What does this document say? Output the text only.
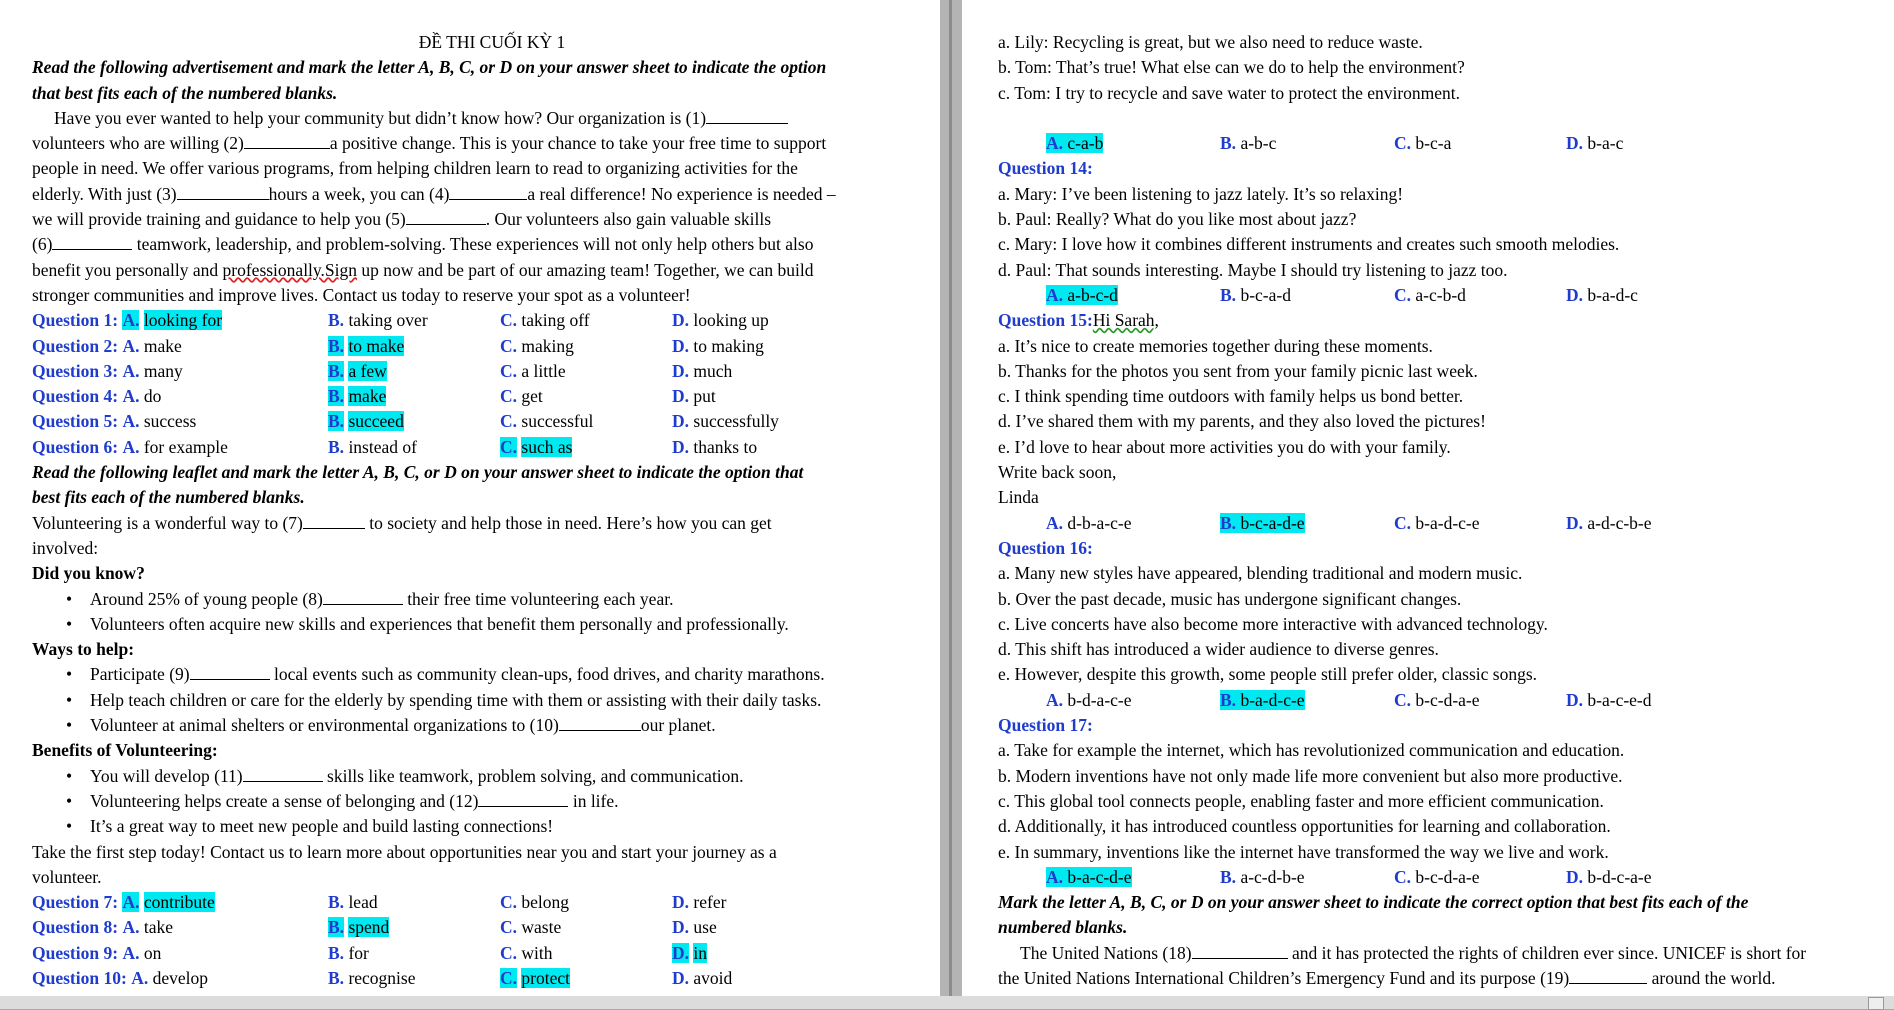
ĐỀ THI CUỐI KỲ 1
Read the following advertisement and mark the letter A, B, C, or D on your answer sheet to indicate the option
that best fits each of the numbered blanks.
Have you ever wanted to help your community but didn’t know how? Our organization is (1)
volunteers who are willing (2)	a positive change. This is your chance to take your free time to support
people in need. We offer various programs, from helping children learn to read to organizing activities for the
elderly. With just (3)	hours a week, you can (4)	a real difference! No experience is needed –
we will provide training and guidance to help you (5)	. Our volunteers also gain valuable skills
(6)	teamwork, leadership, and problem-solving. These experiences will not only help others but also
benefit you personally and professionally.Sign up now and be part of our amazing team! Together, we can build
stronger communities and improve lives. Contact us today to reserve your spot as a volunteer!
Question 1: A. looking for	B. taking over	C. taking off	D. looking up
Question 2: A. make	B. to make	C. making	D. to making
Question 3: A. many	B. a few	C. a little	D. much
Question 4: A. do	B. make	C. get	D. put
Question 5: A. success	B. succeed	C. successful	D. successfully
Question 6: A. for example	B. instead of	C. such as	D. thanks to
Read the following leaflet and mark the letter A, B, C, or D on your answer sheet to indicate the option that
best fits each of the numbered blanks.
Volunteering is a wonderful way to (7)	to society and help those in need. Here’s how you can get
involved:
Did you know?
• Around 25% of young people (8)	their free time volunteering each year.
• Volunteers often acquire new skills and experiences that benefit them personally and professionally.
Ways to help:
• Participate (9)	local events such as community clean-ups, food drives, and charity marathons.
• Help teach children or care for the elderly by spending time with them or assisting with their daily tasks.
• Volunteer at animal shelters or environmental organizations to (10)	our planet.
Benefits of Volunteering:
• You will develop (11)	skills like teamwork, problem solving, and communication.
• Volunteering helps create a sense of belonging and (12)	in life.
• It’s a great way to meet new people and build lasting connections!
Take the first step today! Contact us to learn more about opportunities near you and start your journey as a
volunteer.
Question 7: A. contribute	B. lead	C. belong	D. refer
Question 8: A. take	B. spend	C. waste	D. use
Question 9: A. on	B. for	C. with	D. in
Question 10: A. develop	B. recognise	C. protect	D. avoid
a. Lily: Recycling is great, but we also need to reduce waste.
b. Tom: That’s true! What else can we do to help the environment?
c. Tom: I try to recycle and save water to protect the environment.
A. c-a-b	B. a-b-c	C. b-c-a	D. b-a-c
Question 14:
a. Mary: I’ve been listening to jazz lately. It’s so relaxing!
b. Paul: Really? What do you like most about jazz?
c. Mary: I love how it combines different instruments and creates such smooth melodies.
d. Paul: That sounds interesting. Maybe I should try listening to jazz too.
A. a-b-c-d	B. b-c-a-d	C. a-c-b-d	D. b-a-d-c
Question 15:Hi Sarah,
a. It’s nice to create memories together during these moments.
b. Thanks for the photos you sent from your family picnic last week.
c. I think spending time outdoors with family helps us bond better.
d. I’ve shared them with my parents, and they also loved the pictures!
e. I’d love to hear about more activities you do with your family.
Write back soon,
Linda
A. d-b-a-c-e	B. b-c-a-d-e	C. b-a-d-c-e	D. a-d-c-b-e
Question 16:
a. Many new styles have appeared, blending traditional and modern music.
b. Over the past decade, music has undergone significant changes.
c. Live concerts have also become more interactive with advanced technology.
d. This shift has introduced a wider audience to diverse genres.
e. However, despite this growth, some people still prefer older, classic songs.
A. b-d-a-c-e	B. b-a-d-c-e	C. b-c-d-a-e	D. b-a-c-e-d
Question 17:
a. Take for example the internet, which has revolutionized communication and education.
b. Modern inventions have not only made life more convenient but also more productive.
c. This global tool connects people, enabling faster and more efficient communication.
d. Additionally, it has introduced countless opportunities for learning and collaboration.
e. In summary, inventions like the internet have transformed the way we live and work.
A. b-a-c-d-e	B. a-c-d-b-e	C. b-c-d-a-e	D. b-d-c-a-e
Mark the letter A, B, C, or D on your answer sheet to indicate the correct option that best fits each of the
numbered blanks.
The United Nations (18)	and it has protected the rights of children ever since. UNICEF is short for
the United Nations International Children’s Emergency Fund and its purpose (19)	around the world.
